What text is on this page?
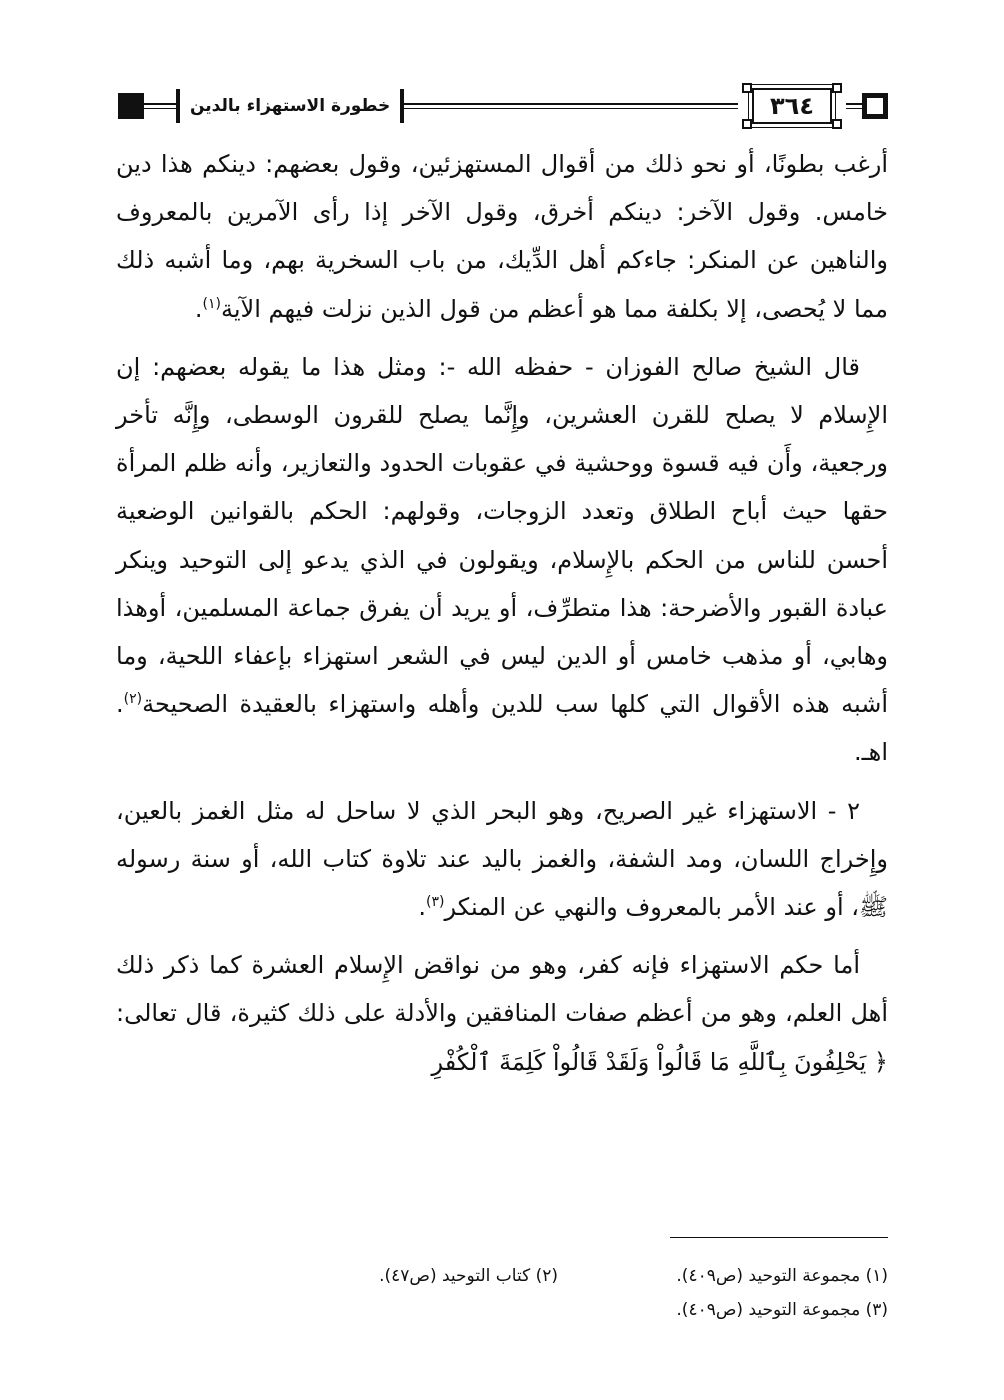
خطورة الاستهزاء بالدين	٣٦٤

أرغب بطونًا، أو نحو ذلك من أقوال المستهزئين، وقول بعضهم: دينكم هذا دين خامس. وقول الآخر: دينكم أخرق، وقول الآخر إذا رأى الآمرين بالمعروف والناهين عن المنكر: جاءكم أهل الدِّيك، من باب السخرية بهم، وما أشبه ذلك مما لا يُحصى، إلا بكلفة مما هو أعظم من قول الذين نزلت فيهم الآية$^{(١)}$.

قال الشيخ صالح الفوزان - حفظه الله -: ومثل هذا ما يقوله بعضهم: إن الإِسلام لا يصلح للقرن العشرين، وإِنَّما يصلح للقرون الوسطى، وإِنَّه تأخر ورجعية، وأَن فيه قسوة ووحشية في عقوبات الحدود والتعازير، وأنه ظلم المرأة حقها حيث أباح الطلاق وتعدد الزوجات، وقولهم: الحكم بالقوانين الوضعية أحسن للناس من الحكم بالإِسلام، ويقولون في الذي يدعو إلى التوحيد وينكر عبادة القبور والأضرحة: هذا متطرِّف، أو يريد أن يفرق جماعة المسلمين، أوهذا وهابي، أو مذهب خامس أو الدين ليس في الشعر استهزاء بإعفاء اللحية، وما أشبه هذه الأقوال التي كلها سب للدين وأهله واستهزاء بالعقيدة الصحيحة$^{(٢)}$. اهـ.

٢ - الاستهزاء غير الصريح، وهو البحر الذي لا ساحل له مثل الغمز بالعين، وإِخراج اللسان، ومد الشفة، والغمز باليد عند تلاوة كتاب الله، أو سنة رسوله ﷺ، أو عند الأمر بالمعروف والنهي عن المنكر$^{(٣)}$.

أما حكم الاستهزاء فإنه كفر، وهو من نواقض الإِسلام العشرة كما ذكر ذلك أهل العلم، وهو من أعظم صفات المنافقين والأدلة على ذلك كثيرة، قال تعالى: ﴿ يَحْلِفُونَ بِٱللَّهِ مَا قَالُواْ وَلَقَدْ قَالُواْ كَلِمَةَ ٱلْكُفْرِ

(١) مجموعة التوحيد (ص٤٠٩).
(٢) كتاب التوحيد (ص٤٧).
(٣) مجموعة التوحيد (ص٤٠٩).
